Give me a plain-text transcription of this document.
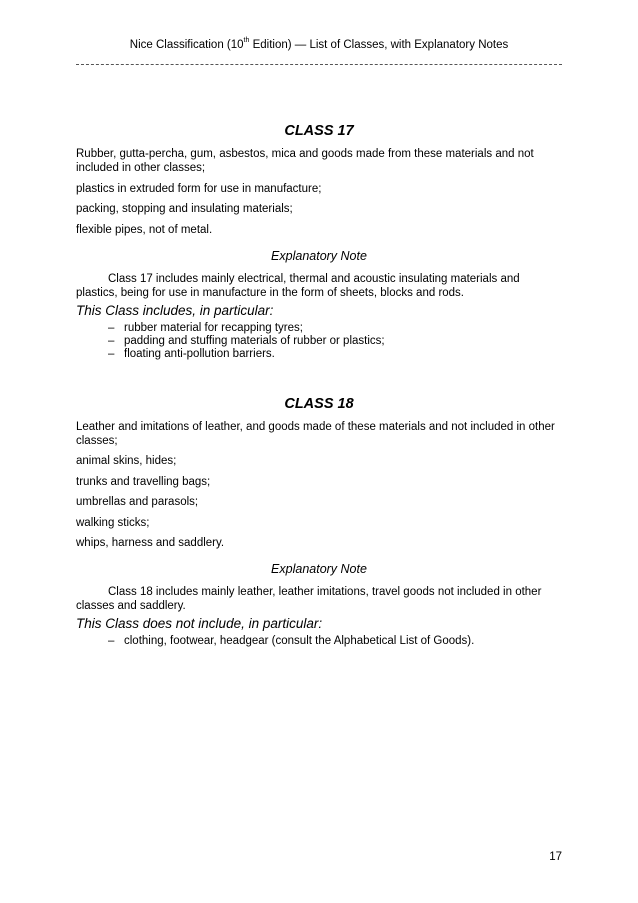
Nice Classification (10th Edition) — List of Classes, with Explanatory Notes
CLASS 17
Rubber, gutta-percha, gum, asbestos, mica and goods made from these materials and not included in other classes;
plastics in extruded form for use in manufacture;
packing, stopping and insulating materials;
flexible pipes, not of metal.
Explanatory Note
Class 17 includes mainly electrical, thermal and acoustic insulating materials and plastics, being for use in manufacture in the form of sheets, blocks and rods.
This Class includes, in particular:
– rubber material for recapping tyres;
– padding and stuffing materials of rubber or plastics;
– floating anti-pollution barriers.
CLASS 18
Leather and imitations of leather, and goods made of these materials and not included in other classes;
animal skins, hides;
trunks and travelling bags;
umbrellas and parasols;
walking sticks;
whips, harness and saddlery.
Explanatory Note
Class 18 includes mainly leather, leather imitations, travel goods not included in other classes and saddlery.
This Class does not include, in particular:
– clothing, footwear, headgear (consult the Alphabetical List of Goods).
17
